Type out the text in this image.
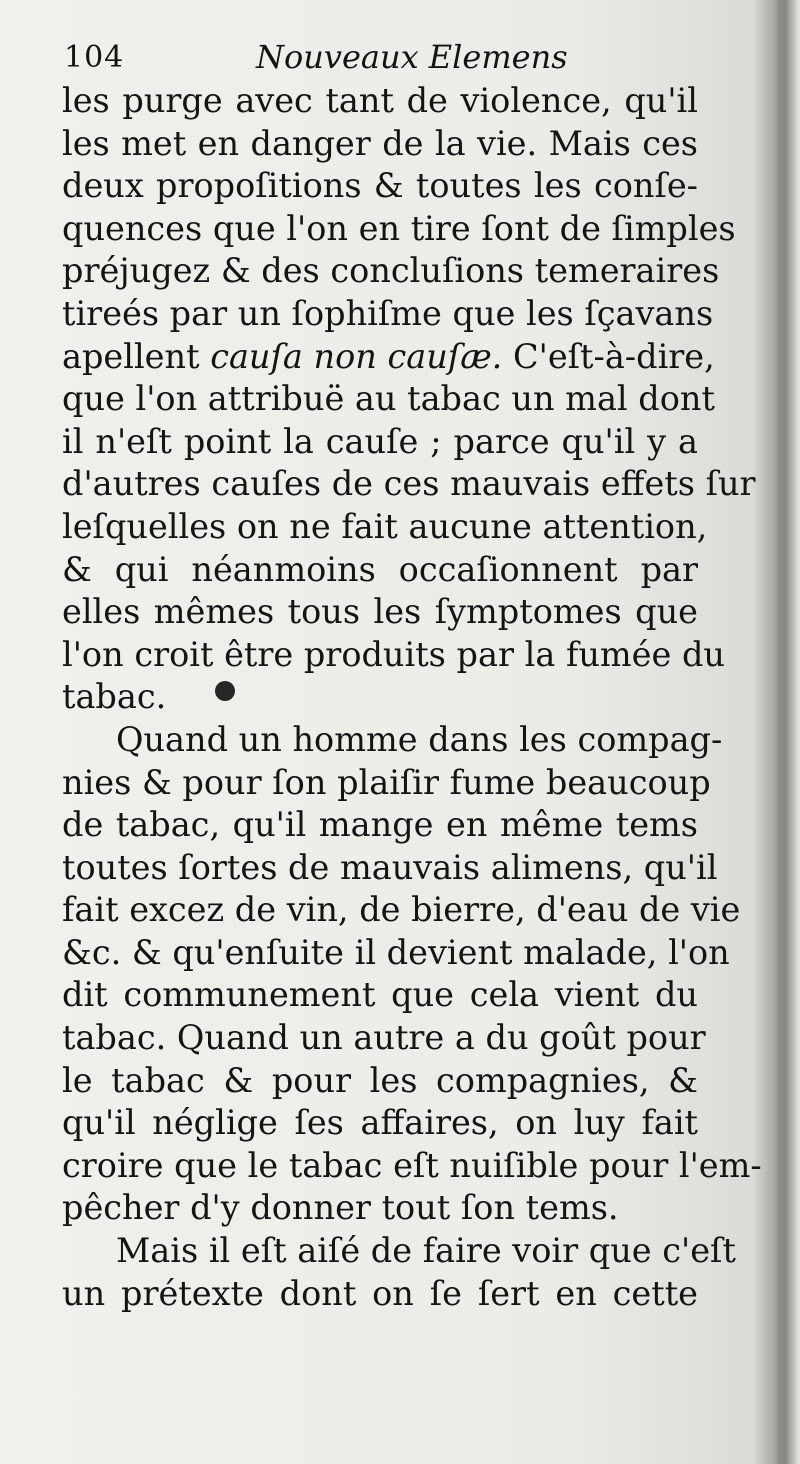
104	Nouveaux Elemens
les purge avec tant de violence, qu'il
les met en danger de la vie. Mais ces
deux propoſitions & toutes les conſe-
quences que l'on en tire ſont de ſimples
préjugez & des concluſions temeraires
tireés par un ſophiſme que les ſçavans
apellent cauſa non cauſæ. C'eſt-à-dire,
que l'on attribuë au tabac un mal dont
il n'eſt point la cauſe ; parce qu'il y a
d'autres cauſes de ces mauvais effets ſur
leſquelles on ne fait aucune attention,
& qui néanmoins occaſionnent par
elles mêmes tous les ſymptomes que
l'on croit être produits par la fumée du
tabac.
Quand un homme dans les compag-
nies & pour ſon plaiſir fume beaucoup
de tabac, qu'il mange en même tems
toutes ſortes de mauvais alimens, qu'il
fait excez de vin, de bierre, d'eau de vie
&c. & qu'enſuite il devient malade, l'on
dit communement que cela vient du
tabac. Quand un autre a du goût pour
le tabac & pour les compagnies, &
qu'il néglige ſes affaires, on luy fait
croire que le tabac eſt nuiſible pour l'em-
pêcher d'y donner tout ſon tems.
Mais il eſt aiſé de faire voir que c'eſt
un prétexte dont on ſe ſert en cette
